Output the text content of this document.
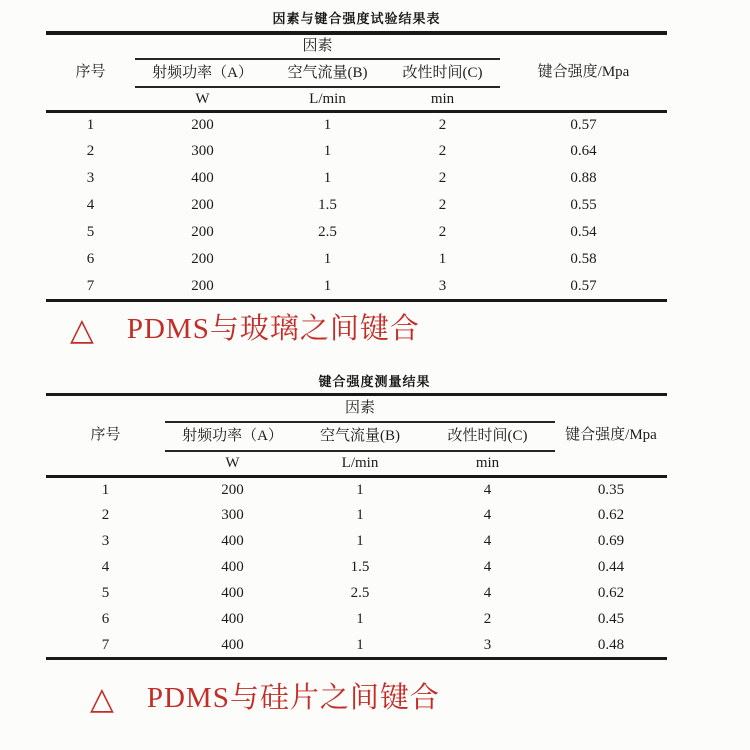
因素与键合强度试验结果表
序号	因素			键合强度/Mpa
	射频功率（A）	空气流量(B)	改性时间(C)	
	W	L/min	min	
1	200	1	2	0.57
2	300	1	2	0.64
3	400	1	2	0.88
4	200	1.5	2	0.55
5	200	2.5	2	0.54
6	200	1	1	0.58
7	200	1	3	0.57
△ PDMS与玻璃之间键合
键合强度测量结果
序号	因素			键合强度/Mpa
	射频功率（A）	空气流量(B)	改性时间(C)	
	W	L/min	min	
1	200	1	4	0.35
2	300	1	4	0.62
3	400	1	4	0.69
4	400	1.5	4	0.44
5	400	2.5	4	0.62
6	400	1	2	0.45
7	400	1	3	0.48
△ PDMS与硅片之间键合
